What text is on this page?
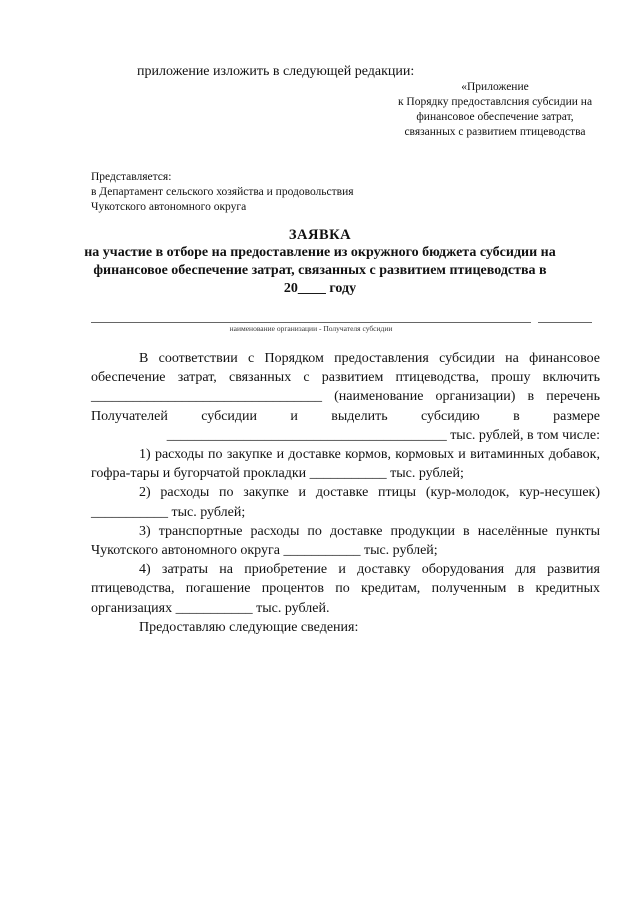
приложение изложить в следующей редакции:
«Приложение
к Порядку предоставлсния субсидии на
финансовое обеспечение затрат,
связанных с развитием птицеводства
Представляется:
в Департамент сельского хозяйства и продовольствия
Чукотского автономного округа
ЗАЯВКА
на участие в отборе на предоставление из окружного бюджета субсидии на финансовое обеспечение затрат, связанных с развитием птицеводства в
20____ году
наименование организации - Получателя субсидии

В соответствии с Порядком предоставления субсидии на финансовое обеспечение затрат, связанных с развитием птицеводства, прошу включить _________________________________ (наименование организации) в перечень Получателей субсидии и выделить субсидию в размере

________________________________________ тыс. рублей, в том числе:

1) расходы по закупке и доставке кормов, кормовых и витаминных добавок, гофра-тары и бугорчатой прокладки ___________ тыс. рублей;

2) расходы по закупке и доставке птицы (кур-молодок, кур-несушек) ___________ тыс. рублей;

3) транспортные расходы по доставке продукции в населённые пункты Чукотского автономного округа ___________ тыс. рублей;

4) затраты на приобретение и доставку оборудования для развития птицеводства, погашение процентов по кредитам, полученным в кредитных организациях ___________ тыс. рублей.

Предоставляю следующие сведения:
